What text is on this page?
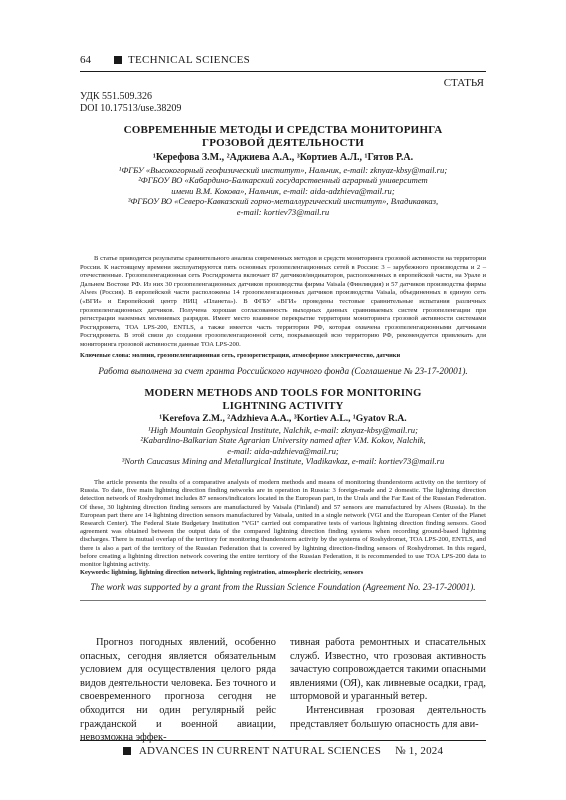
64	TECHNICAL SCIENCES
СТАТЬЯ
УДК 551.509.326
DOI 10.17513/use.38209
СОВРЕМЕННЫЕ МЕТОДЫ И СРЕДСТВА МОНИТОРИНГА
ГРОЗОВОЙ ДЕЯТЕЛЬНОСТИ
¹Керефова З.М., ²Аджиева А.А., ³Кортиев А.Л., ¹Гятов Р.А.
¹ФГБУ «Высокогорный геофизический институт», Нальчик, e-mail: zknyaz-kbsy@mail.ru;
²ФГБОУ ВО «Кабардино-Балкарский государственный аграрный университет
имени В.М. Кокова», Нальчик, e-mail: aida-adzhieva@mail.ru;
³ФГБОУ ВО «Северо-Кавказский горно-металлургический институт», Владикавказ,
e-mail: kortiev73@mail.ru

В статье приводятся результаты сравнительного анализа современных методов и средств мониторинга грозовой активности на территории России. К настоящему времени эксплуатируются пять основных грозопеленгационных сетей в России: 3 – зарубежного производства и 2 – отечественные. Грозопеленгационная сеть Росгидромета включает 87 датчиков/индикаторов, расположенных в европейской части, на Урале и Дальнем Востоке РФ. Из них 30 грозопеленгационных датчиков производства фирмы Vaisala (Финляндия) и 57 датчиков производства фирмы Alwes (Россия). В европейской части расположены 14 грозопеленгационных датчиков производства Vaisala, объединенных в единую сеть («ВГИ» и Европейский центр НИЦ «Планета»). В ФГБУ «ВГИ» проведены тестовые сравнительные испытания различных грозопеленгационных датчиков. Получена хорошая согласованность выходных данных сравниваемых систем грозопеленгации при регистрации наземных молниевых разрядов. Имеет место взаимное перекрытие территории мониторинга грозовой активности системами Росгидромета, ТОА LPS-200, ENTLS, а также имеется часть территории РФ, которая охвачена грозопеленгационными датчиками Росгидромета. В этой связи до создания грозопеленгационной сети, покрывающей всю территорию РФ, рекомендуется привлекать для мониторинга грозовой активности данные ТОА LPS-200.

Ключевые слова: молнии, грозопеленгационная сеть, грозорегистрация, атмосферное электричество, датчики
Работа выполнена за счет гранта Российского научного фонда (Соглашение № 23-17-20001).
MODERN METHODS AND TOOLS FOR MONITORING
LIGHTNING ACTIVITY
¹Kerefova Z.M., ²Adzhieva A.A., ³Kortiev A.L., ¹Gyatov R.A.
¹High Mountain Geophysical Institute, Nalchik, e-mail: zknyaz-kbsy@mail.ru;
²Kabardino-Balkarian State Agrarian University named after V.M. Kokov, Nalchik,
e-mail: aida-adzhieva@mail.ru;
³North Caucasus Mining and Metallurgical Institute, Vladikavkaz, e-mail: kortiev73@mail.ru

The article presents the results of a comparative analysis of modern methods and means of monitoring thunderstorm activity on the territory of Russia. To date, five main lightning direction finding networks are in operation in Russia: 3 foreign-made and 2 domestic. The lightning direction detection network of Roshydromet includes 87 sensors/indicators located in the European part, in the Urals and the Far East of the Russian Federation. Of these, 30 lightning direction finding sensors are manufactured by Vaisala (Finland) and 57 sensors are manufactured by Alwes (Russia). In the European part there are 14 lightning direction sensors manufactured by Vaisala, united in a single network (VGI and the European Center of the Planet Research Center). The Federal State Budgetary Institution "VGI" carried out comparative tests of various lightning direction finding sensors. Good agreement was obtained between the output data of the compared lightning direction finding systems when recording ground-based lightning discharges. There is mutual overlap of the territory for monitoring thunderstorm activity by the systems of Roshydromet, TOA LPS-200, ENTLS, and there is also a part of the territory of the Russian Federation that is covered by lightning direction-finding sensors of Roshydromet. In this regard, before creating a lightning direction network covering the entire territory of the Russian Federation, it is recommended to use TOA LPS-200 data to monitor lightning activity.

Keywords: lightning, lightning direction network, lightning registration, atmospheric electricity, sensors
The work was supported by a grant from the Russian Science Foundation (Agreement No. 23-17-20001).

Прогноз погодных явлений, особенно опасных, сегодня является обязательным условием для осуществления целого ряда видов деятельности человека. Без точного и своевременного прогноза сегодня не обходится ни один регулярный рейс гражданской и военной авиации, невозможна эффек-

тивная работа ремонтных и спасательных служб. Известно, что грозовая активность зачастую сопровождается такими опасными явлениями (ОЯ), как ливневые осадки, град, штормовой и ураганный ветер.

Интенсивная грозовая деятельность представляет большую опасность для ави-

ADVANCES IN CURRENT NATURAL SCIENCES № 1, 2024
